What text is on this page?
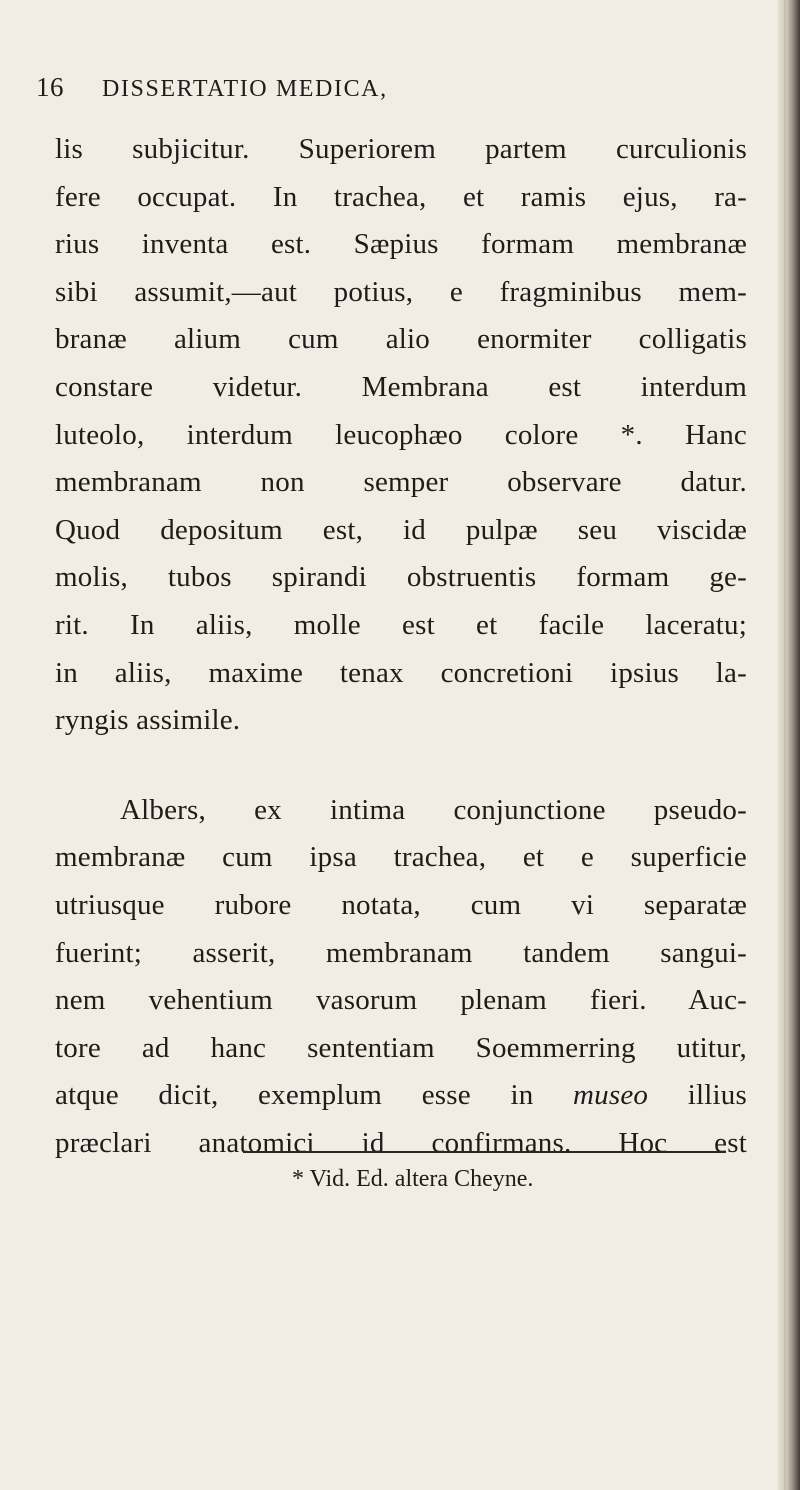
16 DISSERTATIO MEDICA,

lis subjicitur. Superiorem partem curculionis
fere occupat. In trachea, et ramis ejus, ra-
rius inventa est. Sæpius formam membranæ
sibi assumit,—aut potius, e fragminibus mem-
branæ alium cum alio enormiter colligatis
constare videtur. Membrana est interdum
luteolo, interdum leucophæo colore *. Hanc
membranam non semper observare datur.
Quod depositum est, id pulpæ seu viscidæ
molis, tubos spirandi obstruentis formam ge-
rit. In aliis, molle est et facile laceratu;
in aliis, maxime tenax concretioni ipsius la-
ryngis assimile.

Albers, ex intima conjunctione pseudo-
membranæ cum ipsa trachea, et e superficie
utriusque rubore notata, cum vi separatæ
fuerint; asserit, membranam tandem sangui-
nem vehentium vasorum plenam fieri. Auc-
tore ad hanc sententiam Soemmerring utitur,
atque dicit, exemplum esse in museo illius
præclari anatomici id confirmans. Hoc est

* Vid. Ed. altera Cheyne.
